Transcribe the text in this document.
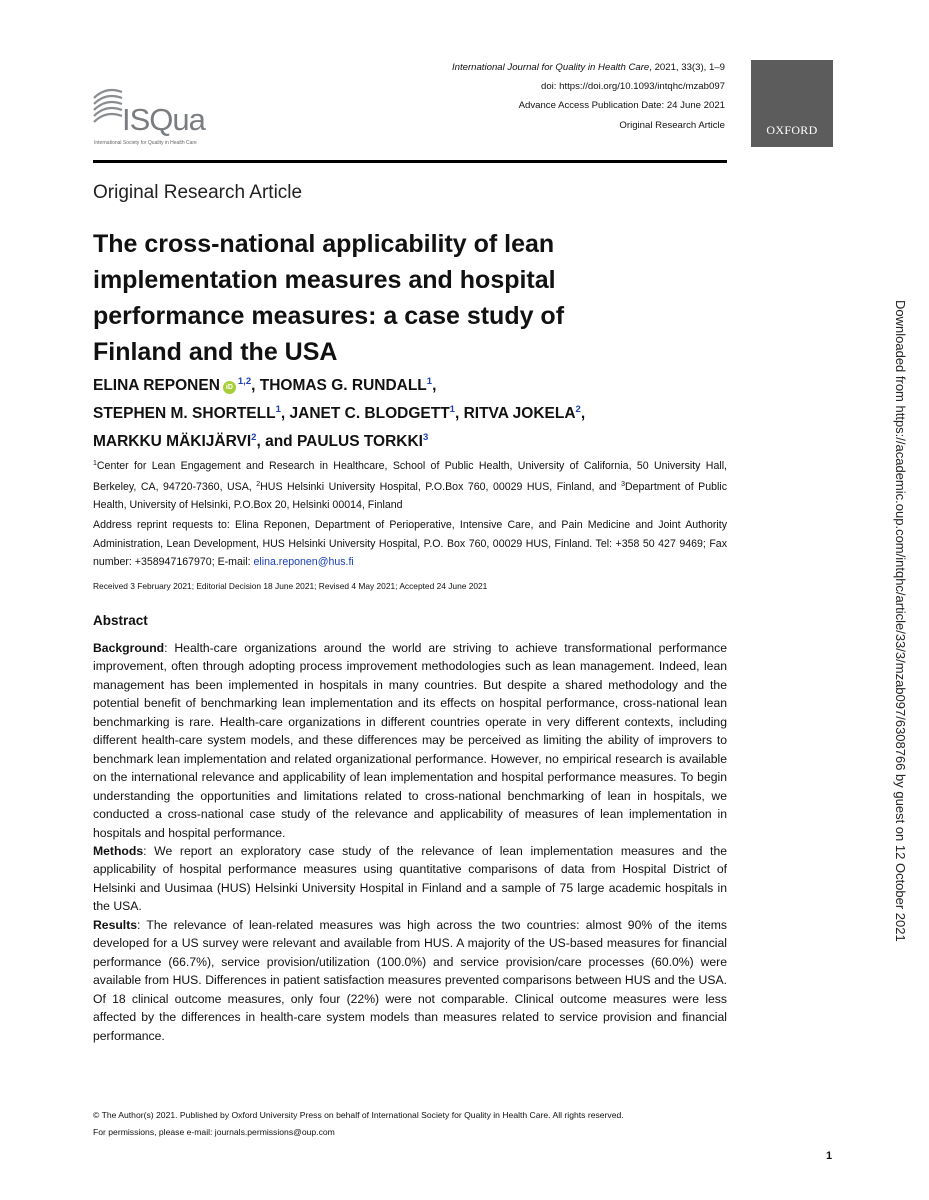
ISQua
International Society for Quality in Health Care
International Journal for Quality in Health Care, 2021, 33(3), 1–9
doi: https://doi.org/10.1093/intqhc/mzab097
Advance Access Publication Date: 24 June 2021
Original Research Article	OXFORD
Original Research Article
The cross-national applicability of lean implementation measures and hospital performance measures: a case study of Finland and the USA
ELINA REPONEN iD$^{1,2}$, THOMAS G. RUNDALL$^1$,
STEPHEN M. SHORTELL$^1$, JANET C. BLODGETT$^1$, RITVA JOKELA$^2$,
MARKKU MÄKIJÄRVI$^2$, and PAULUS TORKKI$^3$
$^1$Center for Lean Engagement and Research in Healthcare, School of Public Health, University of California, 50 University Hall, Berkeley, CA, 94720-7360, USA, $^2$HUS Helsinki University Hospital, P.O.Box 760, 00029 HUS, Finland, and $^3$Department of Public Health, University of Helsinki, P.O.Box 20, Helsinki 00014, Finland
Address reprint requests to: Elina Reponen, Department of Perioperative, Intensive Care, and Pain Medicine and Joint Authority Administration, Lean Development, HUS Helsinki University Hospital, P.O. Box 760, 00029 HUS, Finland. Tel: +358 50 427 9469; Fax number: +358947167970; E-mail: elina.reponen@hus.fi
Received 3 February 2021; Editorial Decision 18 June 2021; Revised 4 May 2021; Accepted 24 June 2021
Abstract

Background: Health-care organizations around the world are striving to achieve transformational performance improvement, often through adopting process improvement methodologies such as lean management. Indeed, lean management has been implemented in hospitals in many countries. But despite a shared methodology and the potential benefit of benchmarking lean implementation and its effects on hospital performance, cross-national lean benchmarking is rare. Health-care organizations in different countries operate in very different contexts, including different health-care system models, and these differences may be perceived as limiting the ability of improvers to benchmark lean implementation and related organizational performance. However, no empirical research is available on the international relevance and applicability of lean implementation and hospital performance measures. To begin understanding the opportunities and limitations related to cross-national benchmarking of lean in hospitals, we conducted a cross-national case study of the relevance and applicability of measures of lean implementation in hospitals and hospital performance.

Methods: We report an exploratory case study of the relevance of lean implementation measures and the applicability of hospital performance measures using quantitative comparisons of data from Hospital District of Helsinki and Uusimaa (HUS) Helsinki University Hospital in Finland and a sample of 75 large academic hospitals in the USA.

Results: The relevance of lean-related measures was high across the two countries: almost 90% of the items developed for a US survey were relevant and available from HUS. A majority of the US-based measures for financial performance (66.7%), service provision/utilization (100.0%) and service provision/care processes (60.0%) were available from HUS. Differences in patient satisfaction measures prevented comparisons between HUS and the USA. Of 18 clinical outcome measures, only four (22%) were not comparable. Clinical outcome measures were less affected by the differences in health-care system models than measures related to service provision and financial performance.

© The Author(s) 2021. Published by Oxford University Press on behalf of International Society for Quality in Health Care. All rights reserved.
For permissions, please e-mail: journals.permissions@oup.com
1
Downloaded from https://academic.oup.com/intqhc/article/33/3/mzab097/6308766 by guest on 12 October 2021
